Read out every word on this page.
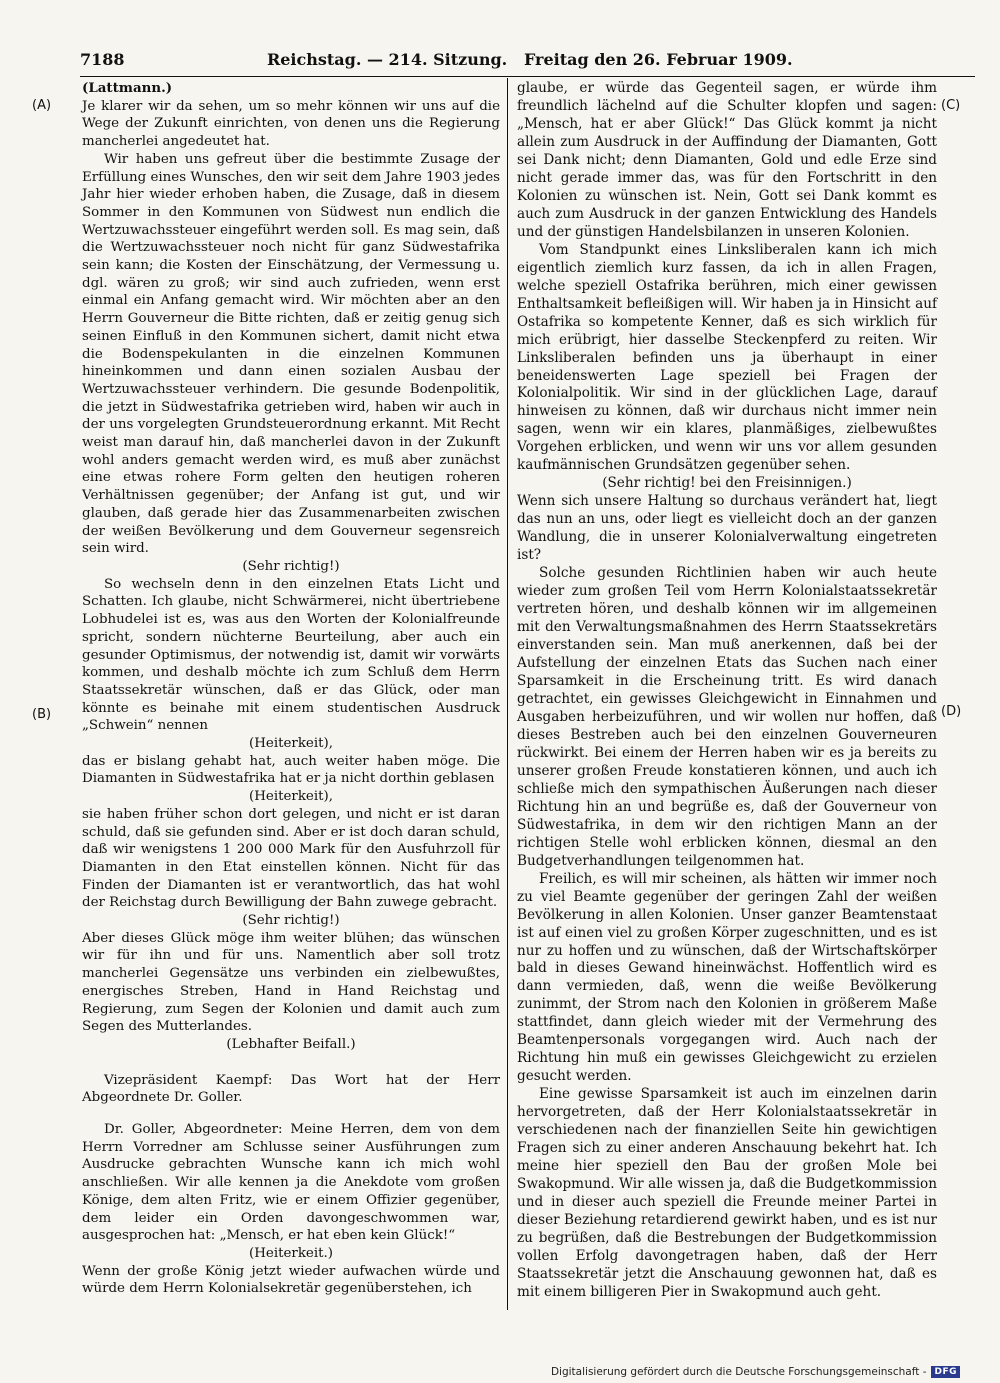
7188	Reichstag. — 214. Sitzung. Freitag den 26. Februar 1909.
(A)
(B)
(C)
(D)

(Lattmann.)

Je klarer wir da sehen, um so mehr können wir uns auf die Wege der Zukunft einrichten, von denen uns die Regierung mancherlei angedeutet hat.

Wir haben uns gefreut über die bestimmte Zusage der Erfüllung eines Wunsches, den wir seit dem Jahre 1903 jedes Jahr hier wieder erhoben haben, die Zusage, daß in diesem Sommer in den Kommunen von Südwest nun endlich die Wertzuwachssteuer eingeführt werden soll. Es mag sein, daß die Wertzuwachssteuer noch nicht für ganz Südwestafrika sein kann; die Kosten der Einschätzung, der Vermessung u. dgl. wären zu groß; wir sind auch zufrieden, wenn erst einmal ein Anfang gemacht wird. Wir möchten aber an den Herrn Gouverneur die Bitte richten, daß er zeitig genug sich seinen Einfluß in den Kommunen sichert, damit nicht etwa die Bodenspekulanten in die einzelnen Kommunen hineinkommen und dann einen sozialen Ausbau der Wertzuwachssteuer verhindern. Die gesunde Bodenpolitik, die jetzt in Südwestafrika getrieben wird, haben wir auch in der uns vorgelegten Grundsteuerordnung erkannt. Mit Recht weist man darauf hin, daß mancherlei davon in der Zukunft wohl anders gemacht werden wird, es muß aber zunächst eine etwas rohere Form gelten den heutigen roheren Verhältnissen gegenüber; der Anfang ist gut, und wir glauben, daß gerade hier das Zusammenarbeiten zwischen der weißen Bevölkerung und dem Gouverneur segensreich sein wird.

(Sehr richtig!)

So wechseln denn in den einzelnen Etats Licht und Schatten. Ich glaube, nicht Schwärmerei, nicht übertriebene Lobhudelei ist es, was aus den Worten der Kolonialfreunde spricht, sondern nüchterne Beurteilung, aber auch ein gesunder Optimismus, der notwendig ist, damit wir vorwärts kommen, und deshalb möchte ich zum Schluß dem Herrn Staatssekretär wünschen, daß er das Glück, oder man könnte es beinahe mit einem studentischen Ausdruck „Schwein“ nennen

(Heiterkeit),

das er bislang gehabt hat, auch weiter haben möge. Die Diamanten in Südwestafrika hat er ja nicht dorthin geblasen

(Heiterkeit),

sie haben früher schon dort gelegen, und nicht er ist daran schuld, daß sie gefunden sind. Aber er ist doch daran schuld, daß wir wenigstens 1 200 000 Mark für den Ausfuhrzoll für Diamanten in den Etat einstellen können. Nicht für das Finden der Diamanten ist er verantwortlich, das hat wohl der Reichstag durch Bewilligung der Bahn zuwege gebracht.

(Sehr richtig!)

Aber dieses Glück möge ihm weiter blühen; das wünschen wir für ihn und für uns. Namentlich aber soll trotz mancherlei Gegensätze uns verbinden ein zielbewußtes, energisches Streben, Hand in Hand Reichstag und Regierung, zum Segen der Kolonien und damit auch zum Segen des Mutterlandes.

(Lebhafter Beifall.)

Vizepräsident Kaempf: Das Wort hat der Herr Abgeordnete Dr. Goller.

Dr. Goller, Abgeordneter: Meine Herren, dem von dem Herrn Vorredner am Schlusse seiner Ausführungen zum Ausdrucke gebrachten Wunsche kann ich mich wohl anschließen. Wir alle kennen ja die Anekdote vom großen Könige, dem alten Fritz, wie er einem Offizier gegenüber, dem leider ein Orden davongeschwommen war, ausgesprochen hat: „Mensch, er hat eben kein Glück!“

(Heiterkeit.)

Wenn der große König jetzt wieder aufwachen würde und würde dem Herrn Kolonialsekretär gegenüberstehen, ich

glaube, er würde das Gegenteil sagen, er würde ihm freundlich lächelnd auf die Schulter klopfen und sagen: „Mensch, hat er aber Glück!“ Das Glück kommt ja nicht allein zum Ausdruck in der Auffindung der Diamanten, Gott sei Dank nicht; denn Diamanten, Gold und edle Erze sind nicht gerade immer das, was für den Fortschritt in den Kolonien zu wünschen ist. Nein, Gott sei Dank kommt es auch zum Ausdruck in der ganzen Entwicklung des Handels und der günstigen Handelsbilanzen in unseren Kolonien.

Vom Standpunkt eines Linksliberalen kann ich mich eigentlich ziemlich kurz fassen, da ich in allen Fragen, welche speziell Ostafrika berühren, mich einer gewissen Enthaltsamkeit befleißigen will. Wir haben ja in Hinsicht auf Ostafrika so kompetente Kenner, daß es sich wirklich für mich erübrigt, hier dasselbe Steckenpferd zu reiten. Wir Linksliberalen befinden uns ja überhaupt in einer beneidenswerten Lage speziell bei Fragen der Kolonialpolitik. Wir sind in der glücklichen Lage, darauf hinweisen zu können, daß wir durchaus nicht immer nein sagen, wenn wir ein klares, planmäßiges, zielbewußtes Vorgehen erblicken, und wenn wir uns vor allem gesunden kaufmännischen Grundsätzen gegenüber sehen.

(Sehr richtig! bei den Freisinnigen.)

Wenn sich unsere Haltung so durchaus verändert hat, liegt das nun an uns, oder liegt es vielleicht doch an der ganzen Wandlung, die in unserer Kolonialverwaltung eingetreten ist?

Solche gesunden Richtlinien haben wir auch heute wieder zum großen Teil vom Herrn Kolonialstaatssekretär vertreten hören, und deshalb können wir im allgemeinen mit den Verwaltungsmaßnahmen des Herrn Staatssekretärs einverstanden sein. Man muß anerkennen, daß bei der Aufstellung der einzelnen Etats das Suchen nach einer Sparsamkeit in die Erscheinung tritt. Es wird danach getrachtet, ein gewisses Gleichgewicht in Einnahmen und Ausgaben herbeizuführen, und wir wollen nur hoffen, daß dieses Bestreben auch bei den einzelnen Gouverneuren rückwirkt. Bei einem der Herren haben wir es ja bereits zu unserer großen Freude konstatieren können, und auch ich schließe mich den sympathischen Äußerungen nach dieser Richtung hin an und begrüße es, daß der Gouverneur von Südwestafrika, in dem wir den richtigen Mann an der richtigen Stelle wohl erblicken können, diesmal an den Budgetverhandlungen teilgenommen hat.

Freilich, es will mir scheinen, als hätten wir immer noch zu viel Beamte gegenüber der geringen Zahl der weißen Bevölkerung in allen Kolonien. Unser ganzer Beamtenstaat ist auf einen viel zu großen Körper zugeschnitten, und es ist nur zu hoffen und zu wünschen, daß der Wirtschaftskörper bald in dieses Gewand hineinwächst. Hoffentlich wird es dann vermieden, daß, wenn die weiße Bevölkerung zunimmt, der Strom nach den Kolonien in größerem Maße stattfindet, dann gleich wieder mit der Vermehrung des Beamtenpersonals vorgegangen wird. Auch nach der Richtung hin muß ein gewisses Gleichgewicht zu erzielen gesucht werden.

Eine gewisse Sparsamkeit ist auch im einzelnen darin hervorgetreten, daß der Herr Kolonialstaatssekretär in verschiedenen nach der finanziellen Seite hin gewichtigen Fragen sich zu einer anderen Anschauung bekehrt hat. Ich meine hier speziell den Bau der großen Mole bei Swakopmund. Wir alle wissen ja, daß die Budgetkommission und in dieser auch speziell die Freunde meiner Partei in dieser Beziehung retardierend gewirkt haben, und es ist nur zu begrüßen, daß die Bestrebungen der Budgetkommission vollen Erfolg davongetragen haben, daß der Herr Staatssekretär jetzt die Anschauung gewonnen hat, daß es mit einem billigeren Pier in Swakopmund auch geht.

Digitalisierung gefördert durch die Deutsche Forschungsgemeinschaft - DFG
